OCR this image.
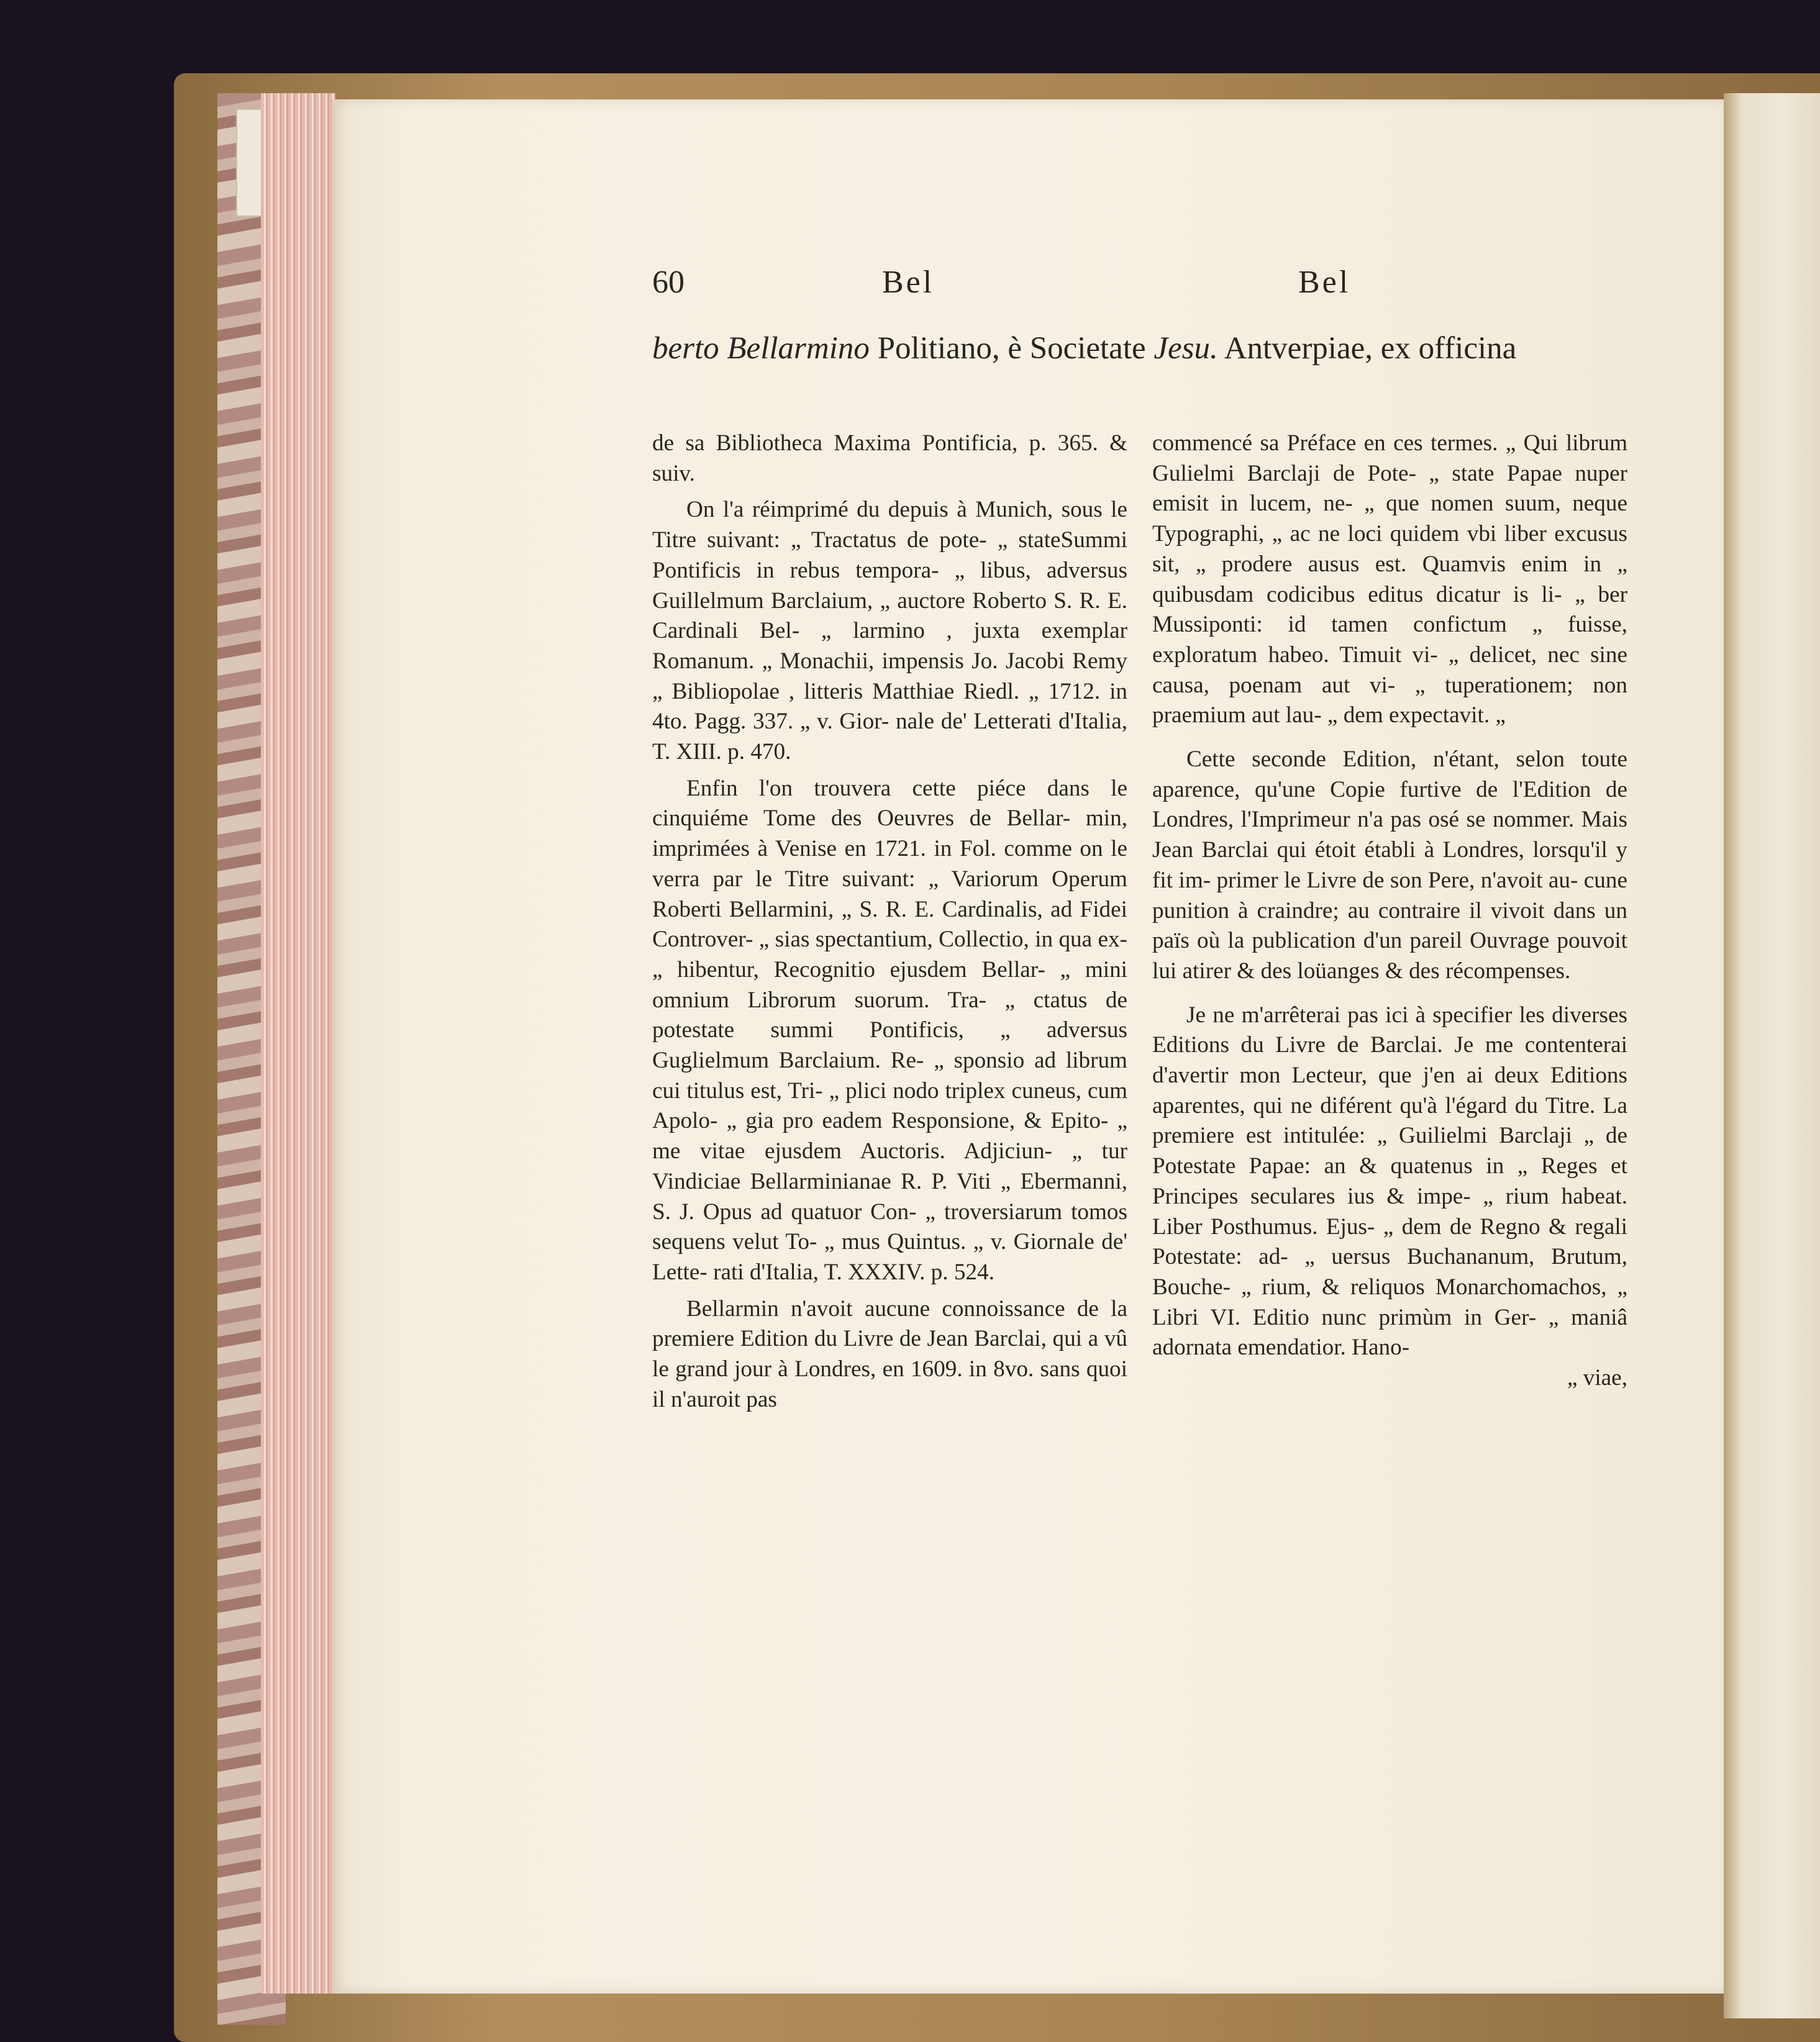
60	Bel	Bel
berto Bellarmino Politiano, è Societate Jesu. Antverpiae, ex officina

de sa Bibliotheca Maxima Pontificia, p. 365. & suiv.

On l'a réimprimé du depuis à Munich, sous le Titre suivant: „ Tractatus de pote- „ stateSummi Pontificis in rebus tempora- „ libus, adversus Guillelmum Barclaium, „ auctore Roberto S. R. E. Cardinali Bel- „ larmino , juxta exemplar Romanum. „ Monachii, impensis Jo. Jacobi Remy „ Bibliopolae , litteris Matthiae Riedl. „ 1712. in 4to. Pagg. 337. „ v. Gior- nale de' Letterati d'Italia, T. XIII. p. 470.

Enfin l'on trouvera cette piéce dans le cinquiéme Tome des Oeuvres de Bellar- min, imprimées à Venise en 1721. in Fol. comme on le verra par le Titre suivant: „ Variorum Operum Roberti Bellarmini, „ S. R. E. Cardinalis, ad Fidei Controver- „ sias spectantium, Collectio, in qua ex- „ hibentur, Recognitio ejusdem Bellar- „ mini omnium Librorum suorum. Tra- „ ctatus de potestate summi Pontificis, „ adversus Guglielmum Barclaium. Re- „ sponsio ad librum cui titulus est, Tri- „ plici nodo triplex cuneus, cum Apolo- „ gia pro eadem Responsione, & Epito- „ me vitae ejusdem Auctoris. Adjiciun- „ tur Vindiciae Bellarminianae R. P. Viti „ Ebermanni, S. J. Opus ad quatuor Con- „ troversiarum tomos sequens velut To- „ mus Quintus. „ v. Giornale de' Lette- rati d'Italia, T. XXXIV. p. 524.

Bellarmin n'avoit aucune connoissance de la premiere Edition du Livre de Jean Barclai, qui a vû le grand jour à Londres, en 1609. in 8vo. sans quoi il n'auroit pas

commencé sa Préface en ces termes. „ Qui librum Gulielmi Barclaji de Pote- „ state Papae nuper emisit in lucem, ne- „ que nomen suum, neque Typographi, „ ac ne loci quidem vbi liber excusus sit, „ prodere ausus est. Quamvis enim in „ quibusdam codicibus editus dicatur is li- „ ber Mussiponti: id tamen confictum „ fuisse, exploratum habeo. Timuit vi- „ delicet, nec sine causa, poenam aut vi- „ tuperationem; non praemium aut lau- „ dem expectavit. „

Cette seconde Edition, n'étant, selon toute aparence, qu'une Copie furtive de l'Edition de Londres, l'Imprimeur n'a pas osé se nommer. Mais Jean Barclai qui étoit établi à Londres, lorsqu'il y fit im- primer le Livre de son Pere, n'avoit au- cune punition à craindre; au contraire il vivoit dans un païs où la publication d'un pareil Ouvrage pouvoit lui atirer & des loüanges & des récompenses.

Je ne m'arrêterai pas ici à specifier les diverses Editions du Livre de Barclai. Je me contenterai d'avertir mon Lecteur, que j'en ai deux Editions aparentes, qui ne diférent qu'à l'égard du Titre. La premiere est intitulée: „ Guilielmi Barclaji „ de Potestate Papae: an & quatenus in „ Reges et Principes seculares ius & impe- „ rium habeat. Liber Posthumus. Ejus- „ dem de Regno & regali Potestate: ad- „ uersus Buchananum, Brutum, Bouche- „ rium, & reliquos Monarchomachos, „ Libri VI. Editio nunc primùm in Ger- „ maniâ adornata emendatior. Hano-

„ viae,
